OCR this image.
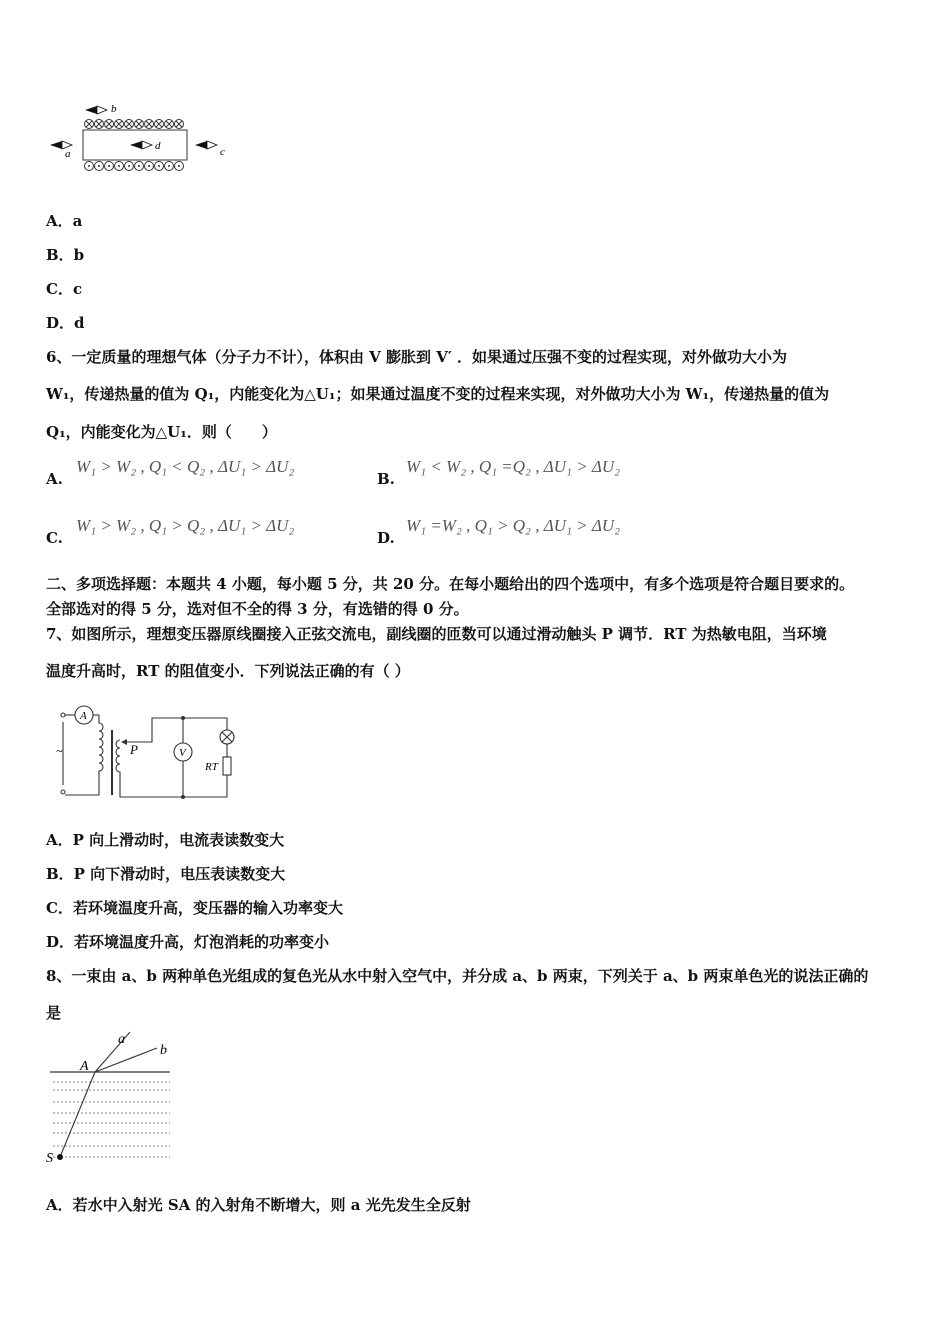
b
d
a	c
A．a
B．b
C．c
D．d
6、一定质量的理想气体（分子力不计），体积由 V 膨胀到 V′ ．如果通过压强不变的过程实现，对外做功大小为
W₁，传递热量的值为 Q₁，内能变化为△U₁；如果通过温度不变的过程来实现，对外做功大小为 W₁，传递热量的值为
Q₁，内能变化为△U₁．则（　　）
A.
W₁ > W₂ , Q₁ < Q₂ , ΔU₁ > ΔU₂
B.
W₁ < W₂ , Q₁ =Q₂ , ΔU₁ > ΔU₂
C.
W₁ > W₂ , Q₁ > Q₂ , ΔU₁ > ΔU₂
D.
W₁ =W₂ , Q₁ > Q₂ , ΔU₁ > ΔU₂
二、多项选择题：本题共 4 小题，每小题 5 分，共 20 分。在每小题给出的四个选项中，有多个选项是符合题目要求的。
全部选对的得 5 分，选对但不全的得 3 分，有选错的得 0 分。
7、如图所示，理想变压器原线圈接入正弦交流电，副线圈的匝数可以通过滑动触头 P 调节．RT 为热敏电阻，当环境
温度升高时，RT 的阻值变小．下列说法正确的有（ ）
A
V
P
RT
~
A．P 向上滑动时，电流表读数变大
B．P 向下滑动时，电压表读数变大
C．若环境温度升高，变压器的输入功率变大
D．若环境温度升高，灯泡消耗的功率变小
8、一束由 a、b 两种单色光组成的复色光从水中射入空气中，并分成 a、b 两束，下列关于 a、b 两束单色光的说法正确的
是
a
b
A
S
A．若水中入射光 SA 的入射角不断增大，则 a 光先发生全反射
